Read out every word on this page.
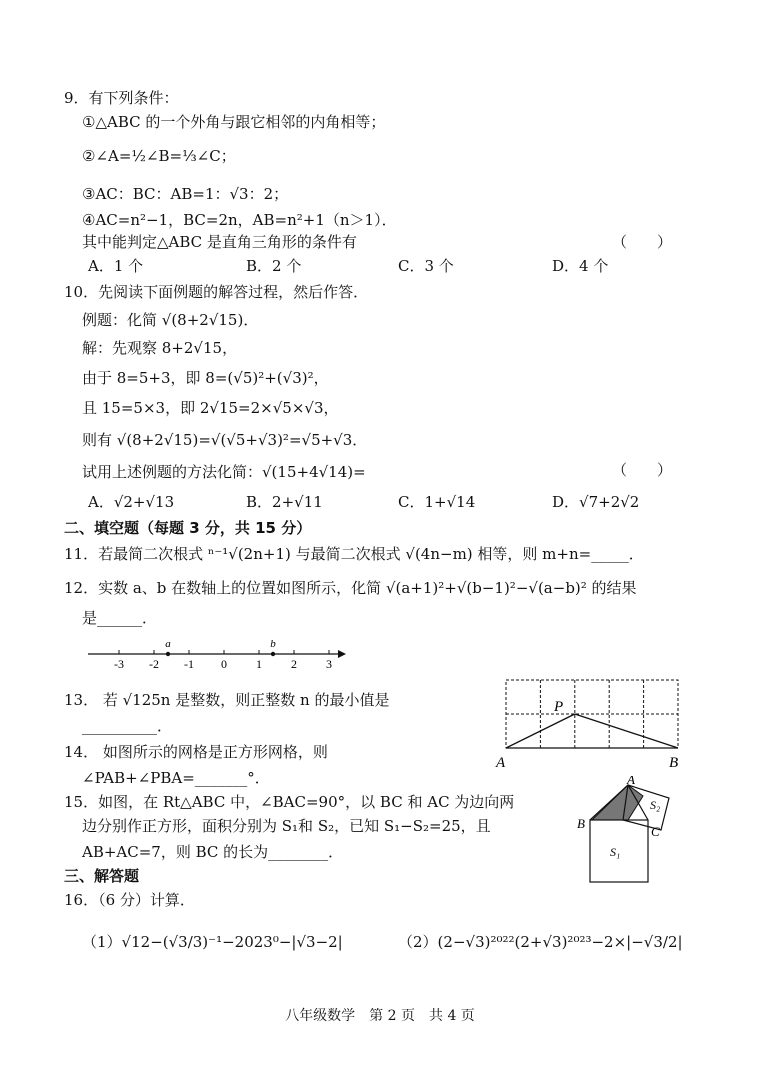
9．有下列条件：
①△ABC 的一个外角与跟它相邻的内角相等；
②∠A=½∠B=⅓∠C；
③AC：BC：AB=1：√3：2；
④AC=n²−1，BC=2n，AB=n²+1（n＞1）．
其中能判定△ABC 是直角三角形的条件有	（　　）
A．1 个	B．2 个	C．3 个	D．4 个
10．先阅读下面例题的解答过程，然后作答．
例题：化简 √(8+2√15)．
解：先观察 8+2√15，
由于 8=5+3，即 8=(√5)²+(√3)²，
且 15=5×3，即 2√15=2×√5×√3，
则有 √(8+2√15)=√(√5+√3)²=√5+√3．
试用上述例题的方法化简：√(15+4√14)=	（　　）
A．√2+√13	B．2+√11	C．1+√14	D．√7+2√2
二、填空题（每题 3 分，共 15 分）
11．若最简二次根式 ⁿ⁻¹√(2n+1) 与最简二次根式 √(4n−m) 相等，则 m+n=_____．
12．实数 a、b 在数轴上的位置如图所示，化简 √(a+1)²+√(b−1)²−√(a−b)² 的结果
是______．
-3 -2 -1 0 1 2 3
a	b
13． 若 √125n 是整数，则正整数 n 的最小值是
__________．
P
A	B
14． 如图所示的网格是正方形网格，则
∠PAB+∠PBA=_______°．
15．如图，在 Rt△ABC 中，∠BAC=90°，以 BC 和 AC 为边向两
边分别作正方形，面积分别为 S₁和 S₂，已知 S₁−S₂=25，且
AB+AC=7，则 BC 的长为________．
A
B
C
S₂
S₁
三、解答题
16．（6 分）计算．
（1）√12−(√3/3)⁻¹−2023⁰−|√3−2|	（2）(2−√3)²⁰²²(2+√3)²⁰²³−2×|−√3/2|
八年级数学　第 2 页　共 4 页
